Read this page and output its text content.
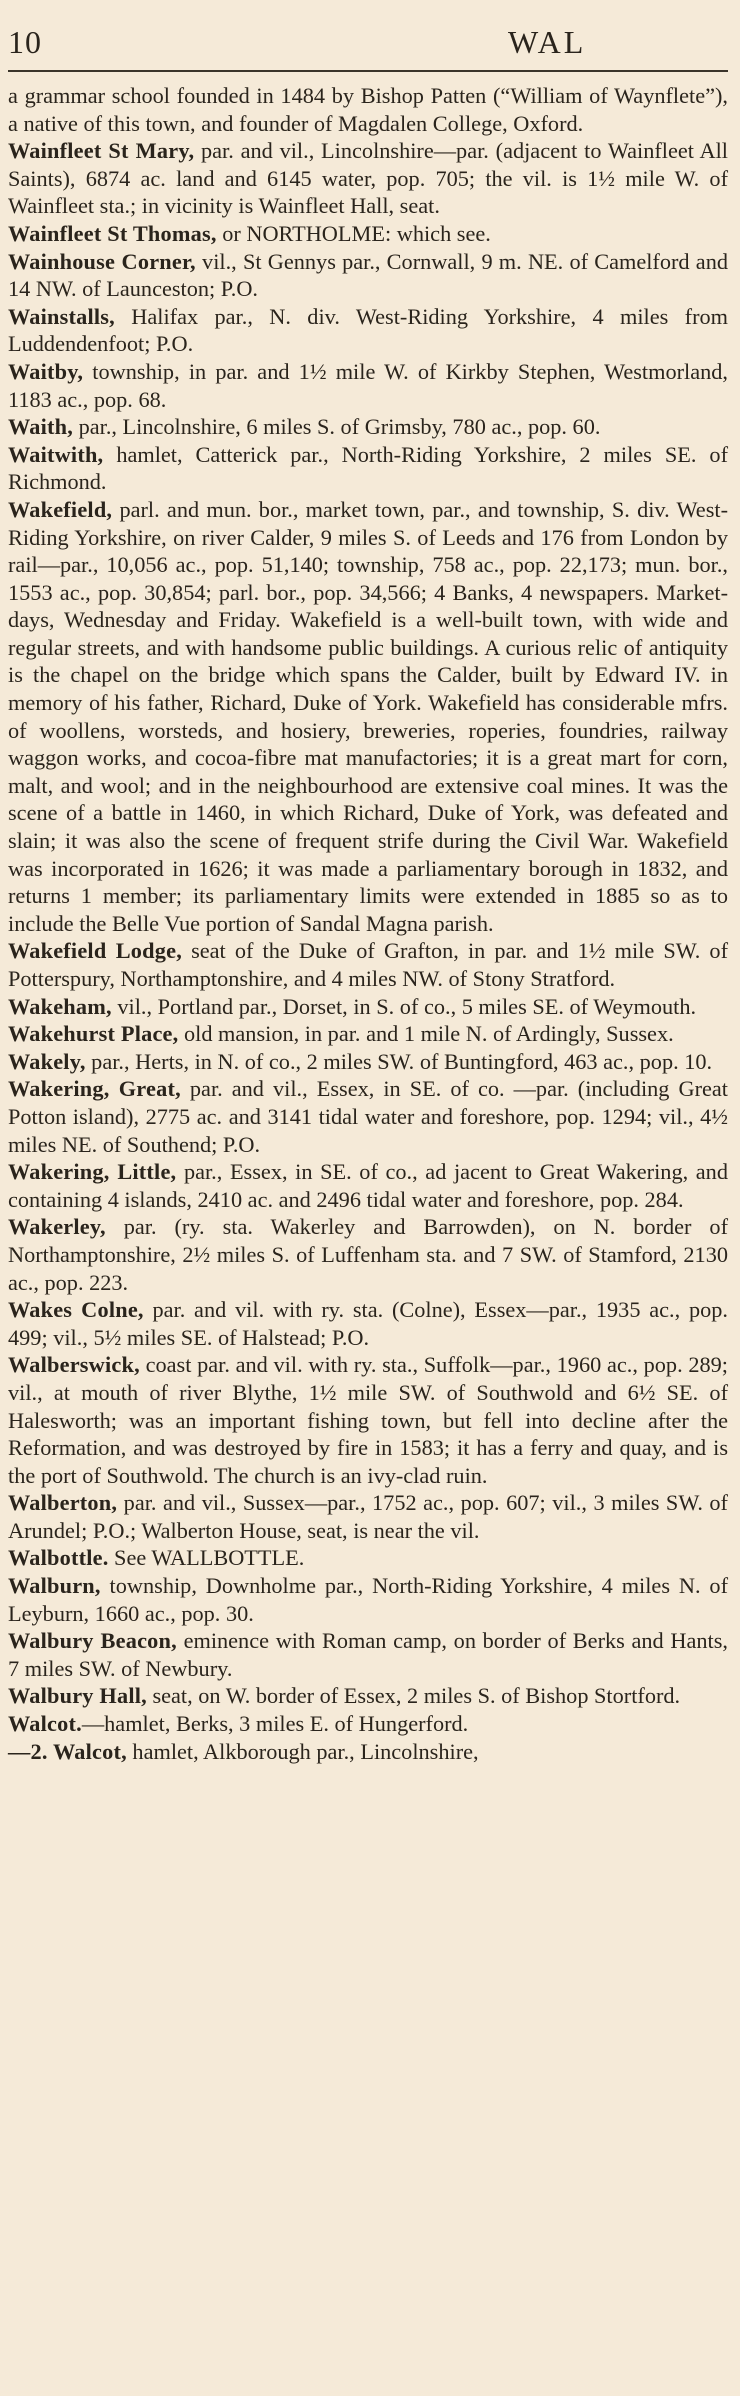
10	WAL

a grammar school founded in 1484 by Bishop Patten (“William of Waynflete”), a native of this town, and founder of Magdalen College, Oxford.

Wainfleet St Mary, par. and vil., Lincolnshire—par. (adjacent to Wainfleet All Saints), 6874 ac. land and 6145 water, pop. 705; the vil. is 1½ mile W. of Wainfleet sta.; in vicinity is Wainfleet Hall, seat.

Wainfleet St Thomas, or NORTHOLME: which see.

Wainhouse Corner, vil., St Gennys par., Cornwall, 9 m. NE. of Camelford and 14 NW. of Launceston; P.O.

Wainstalls, Halifax par., N. div. West-Riding Yorkshire, 4 miles from Luddendenfoot; P.O.

Waitby, township, in par. and 1½ mile W. of Kirkby Stephen, Westmorland, 1183 ac., pop. 68.

Waith, par., Lincolnshire, 6 miles S. of Grimsby, 780 ac., pop. 60.

Waitwith, hamlet, Catterick par., North-Riding Yorkshire, 2 miles SE. of Richmond.

Wakefield, parl. and mun. bor., market town, par., and township, S. div. West-Riding Yorkshire, on river Calder, 9 miles S. of Leeds and 176 from London by rail—par., 10,056 ac., pop. 51,140; township, 758 ac., pop. 22,173; mun. bor., 1553 ac., pop. 30,854; parl. bor., pop. 34,566; 4 Banks, 4 newspapers. Market-days, Wednesday and Friday. Wakefield is a well-built town, with wide and regular streets, and with handsome public buildings. A curious relic of antiquity is the chapel on the bridge which spans the Calder, built by Edward IV. in memory of his father, Richard, Duke of York. Wakefield has considerable mfrs. of woollens, worsteds, and hosiery, breweries, roperies, foundries, railway waggon works, and cocoa-fibre mat manufactories; it is a great mart for corn, malt, and wool; and in the neighbourhood are extensive coal mines. It was the scene of a battle in 1460, in which Richard, Duke of York, was defeated and slain; it was also the scene of frequent strife during the Civil War. Wakefield was incorporated in 1626; it was made a parliamentary borough in 1832, and returns 1 member; its parliamentary limits were extended in 1885 so as to include the Belle Vue portion of Sandal Magna parish.

Wakefield Lodge, seat of the Duke of Grafton, in par. and 1½ mile SW. of Potterspury, Northamptonshire, and 4 miles NW. of Stony Stratford.

Wakeham, vil., Portland par., Dorset, in S. of co., 5 miles SE. of Weymouth.

Wakehurst Place, old mansion, in par. and 1 mile N. of Ardingly, Sussex.

Wakely, par., Herts, in N. of co., 2 miles SW. of Buntingford, 463 ac., pop. 10.

Wakering, Great, par. and vil., Essex, in SE. of co. —par. (including Great Potton island), 2775 ac. and 3141 tidal water and foreshore, pop. 1294; vil., 4½ miles NE. of Southend; P.O.

Wakering, Little, par., Essex, in SE. of co., ad jacent to Great Wakering, and containing 4 islands, 2410 ac. and 2496 tidal water and foreshore, pop. 284.

Wakerley, par. (ry. sta. Wakerley and Barrowden), on N. border of Northamptonshire, 2½ miles S. of Luffenham sta. and 7 SW. of Stamford, 2130 ac., pop. 223.

Wakes Colne, par. and vil. with ry. sta. (Colne), Essex—par., 1935 ac., pop. 499; vil., 5½ miles SE. of Halstead; P.O.

Walberswick, coast par. and vil. with ry. sta., Suffolk—par., 1960 ac., pop. 289; vil., at mouth of river Blythe, 1½ mile SW. of Southwold and 6½ SE. of Halesworth; was an important fishing town, but fell into decline after the Reformation, and was destroyed by fire in 1583; it has a ferry and quay, and is the port of Southwold. The church is an ivy-clad ruin.

Walberton, par. and vil., Sussex—par., 1752 ac., pop. 607; vil., 3 miles SW. of Arundel; P.O.; Walberton House, seat, is near the vil.

Walbottle. See WALLBOTTLE.

Walburn, township, Downholme par., North-Riding Yorkshire, 4 miles N. of Leyburn, 1660 ac., pop. 30.

Walbury Beacon, eminence with Roman camp, on border of Berks and Hants, 7 miles SW. of Newbury.

Walbury Hall, seat, on W. border of Essex, 2 miles S. of Bishop Stortford.

Walcot.—hamlet, Berks, 3 miles E. of Hungerford.

—2. Walcot, hamlet, Alkborough par., Lincolnshire,
